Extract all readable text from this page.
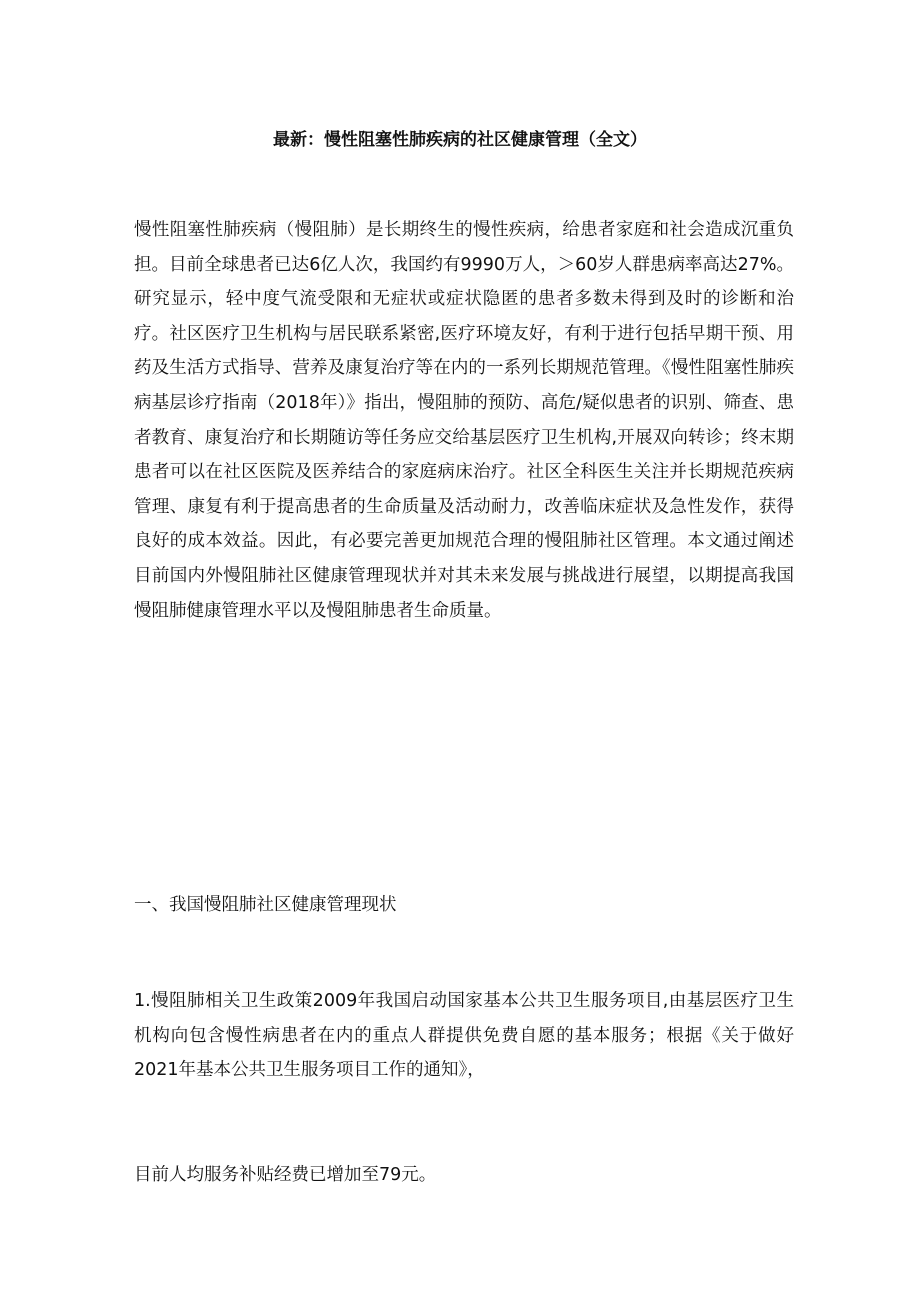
最新：慢性阻塞性肺疾病的社区健康管理（全文）

慢性阻塞性肺疾病（慢阻肺）是长期终生的慢性疾病，给患者家庭和社会造成沉重负担。目前全球患者已达6亿人次，我国约有9990万人，＞60岁人群患病率高达27%。研究显示，轻中度气流受限和无症状或症状隐匿的患者多数未得到及时的诊断和治疗。社区医疗卫生机构与居民联系紧密,医疗环境友好，有利于进行包括早期干预、用药及生活方式指导、营养及康复治疗等在内的一系列长期规范管理。《慢性阻塞性肺疾病基层诊疗指南（2018年）》指出，慢阻肺的预防、高危/疑似患者的识别、筛查、患者教育、康复治疗和长期随访等任务应交给基层医疗卫生机构,开展双向转诊；终末期患者可以在社区医院及医养结合的家庭病床治疗。社区全科医生关注并长期规范疾病管理、康复有利于提高患者的生命质量及活动耐力，改善临床症状及急性发作，获得良好的成本效益。因此，有必要完善更加规范合理的慢阻肺社区管理。本文通过阐述目前国内外慢阻肺社区健康管理现状并对其未来发展与挑战进行展望，以期提高我国慢阻肺健康管理水平以及慢阻肺患者生命质量。

一、我国慢阻肺社区健康管理现状

1.慢阻肺相关卫生政策2009年我国启动国家基本公共卫生服务项目,由基层医疗卫生机构向包含慢性病患者在内的重点人群提供免费自愿的基本服务；根据《关于做好2021年基本公共卫生服务项目工作的通知》，

目前人均服务补贴经费已增加至79元。
